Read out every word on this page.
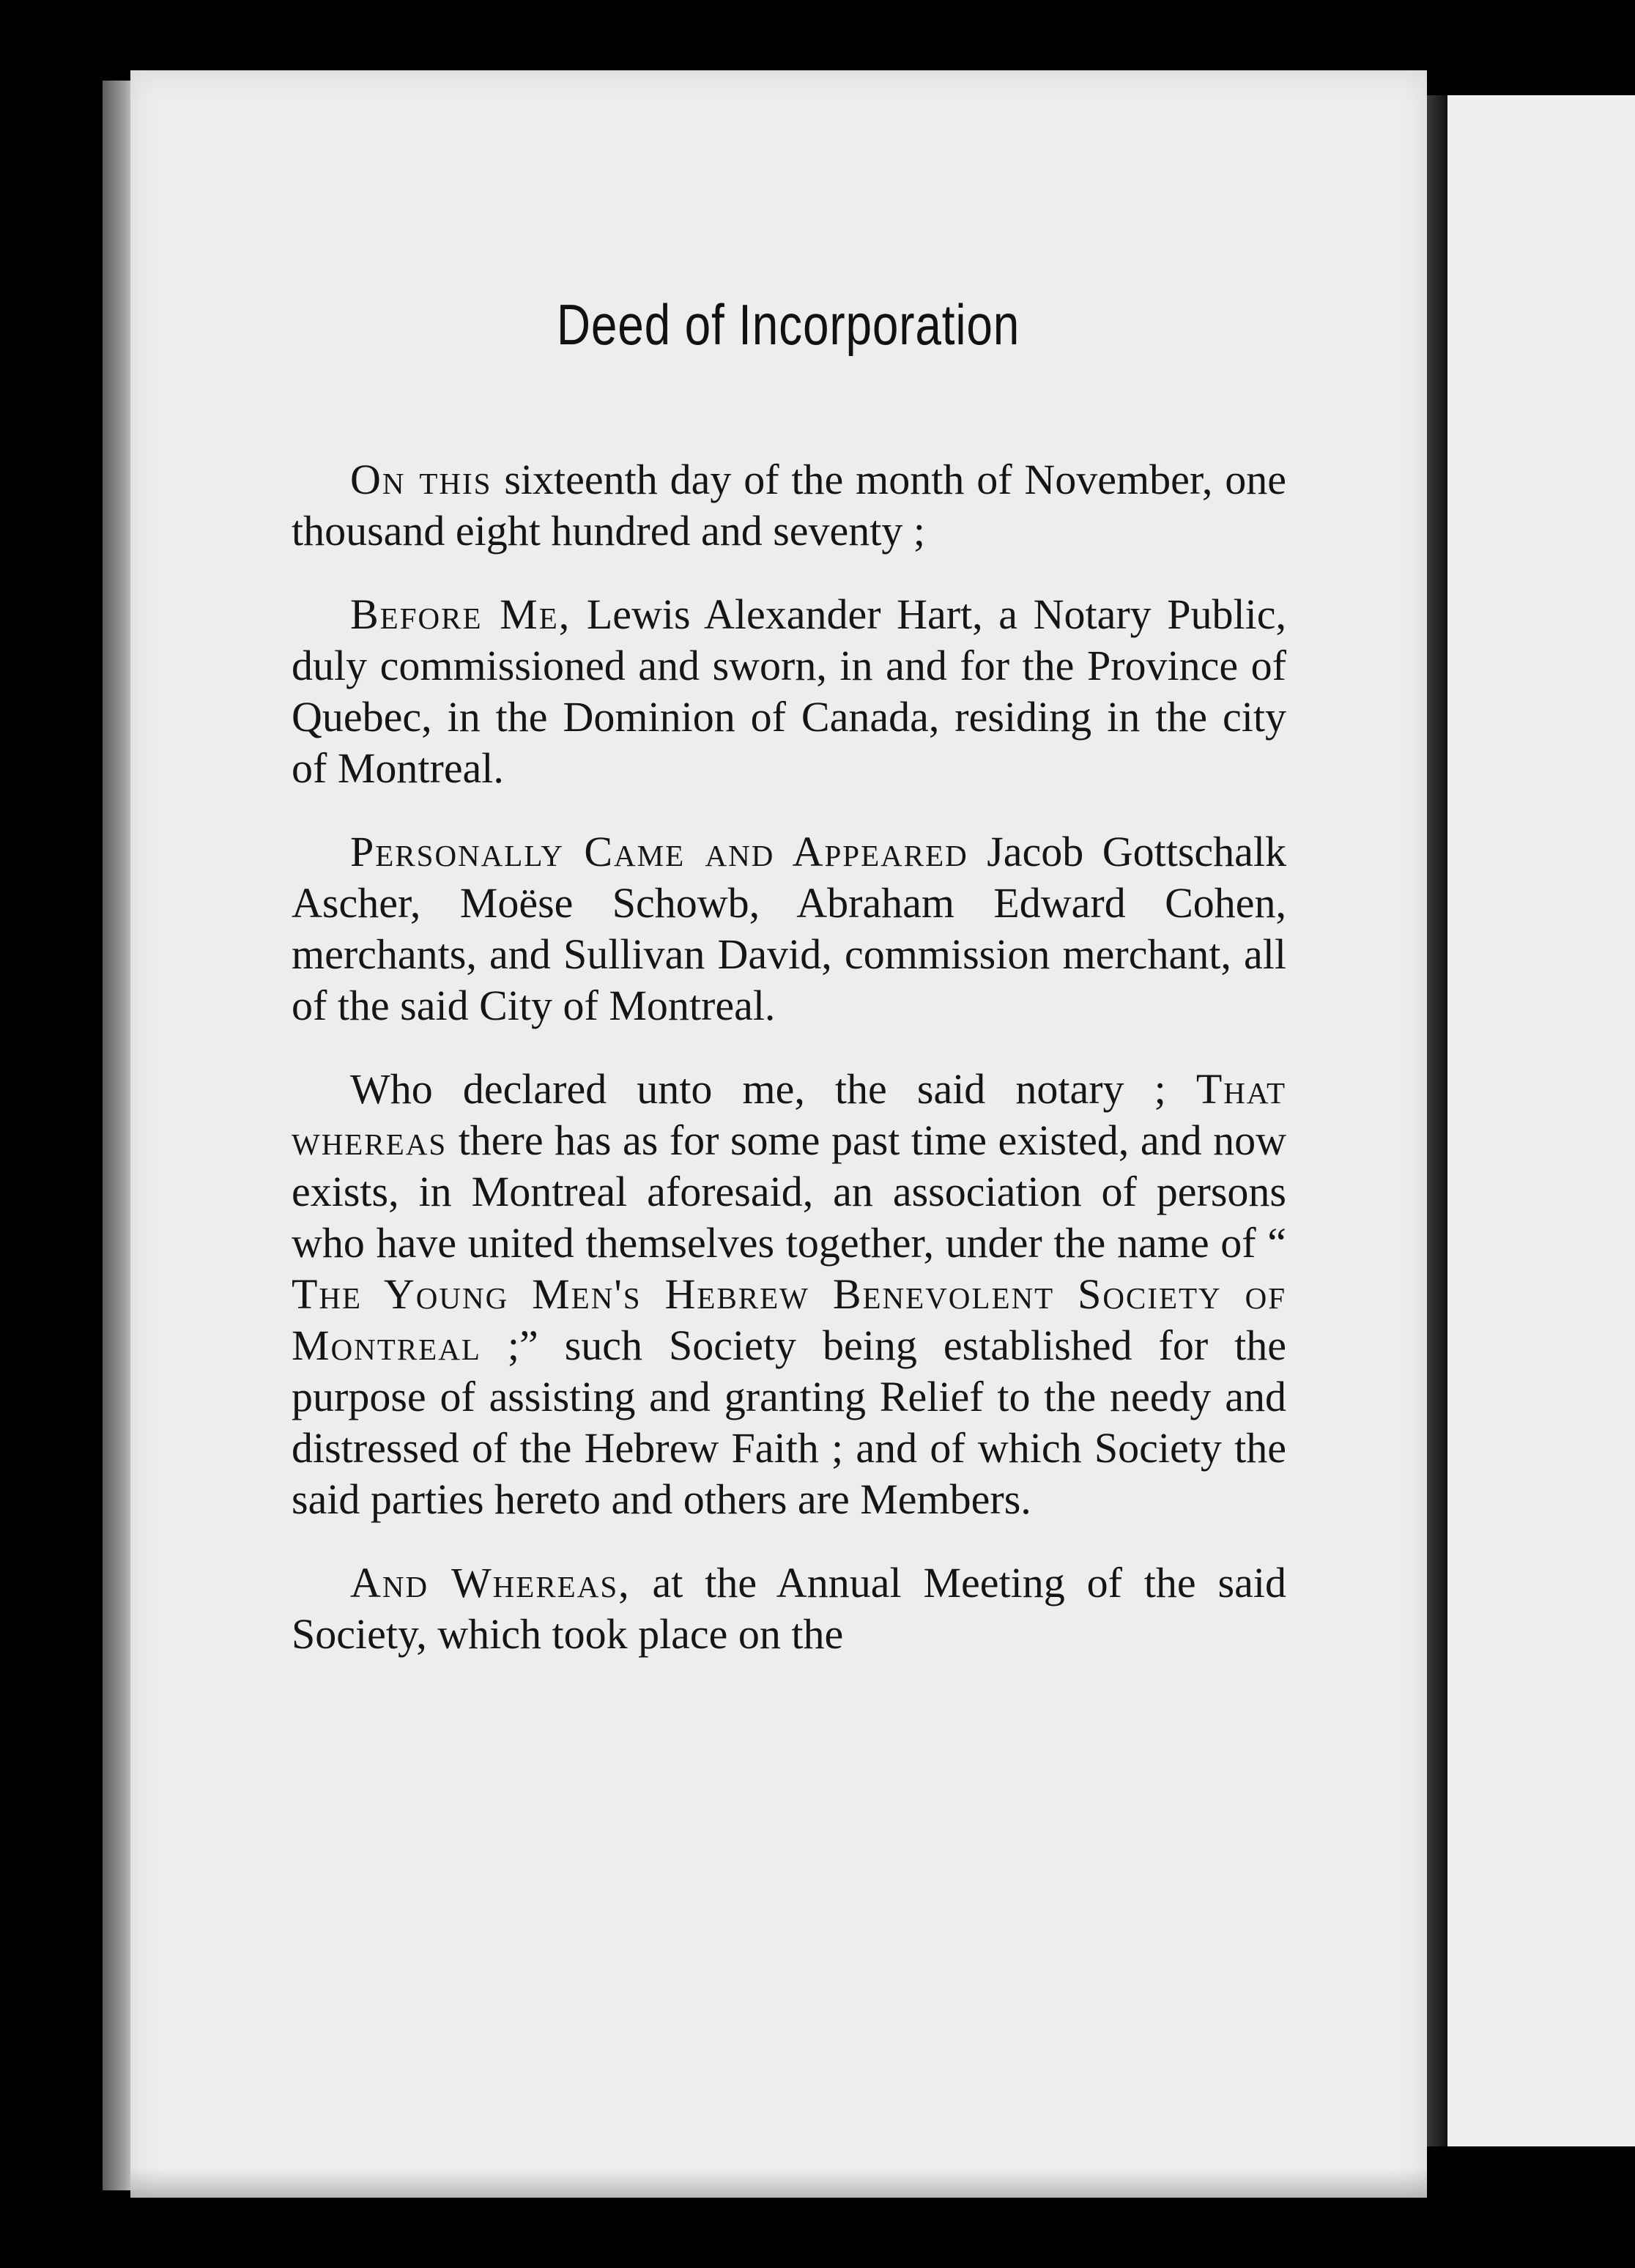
Deed of Incorporation

On this sixteenth day of the month of November, one thousand eight hundred and seventy ;

Before Me, Lewis Alexander Hart, a Notary Public, duly commissioned and sworn, in and for the Province of Quebec, in the Dominion of Canada, residing in the city of Montreal.

Personally Came and Appeared Jacob Gottschalk Ascher, Moëse Schowb, Abraham Edward Cohen, merchants, and Sullivan David, commission merchant, all of the said City of Montreal.

Who declared unto me, the said notary ; That whereas there has as for some past time existed, and now exists, in Montreal aforesaid, an association of persons who have united themselves together, under the name of “ The Young Men's Hebrew Benevolent Society of Montreal ;” such Society being established for the purpose of assisting and granting Relief to the needy and distressed of the Hebrew Faith ; and of which Society the said parties hereto and others are Members.

And Whereas, at the Annual Meeting of the said Society, which took place on the
